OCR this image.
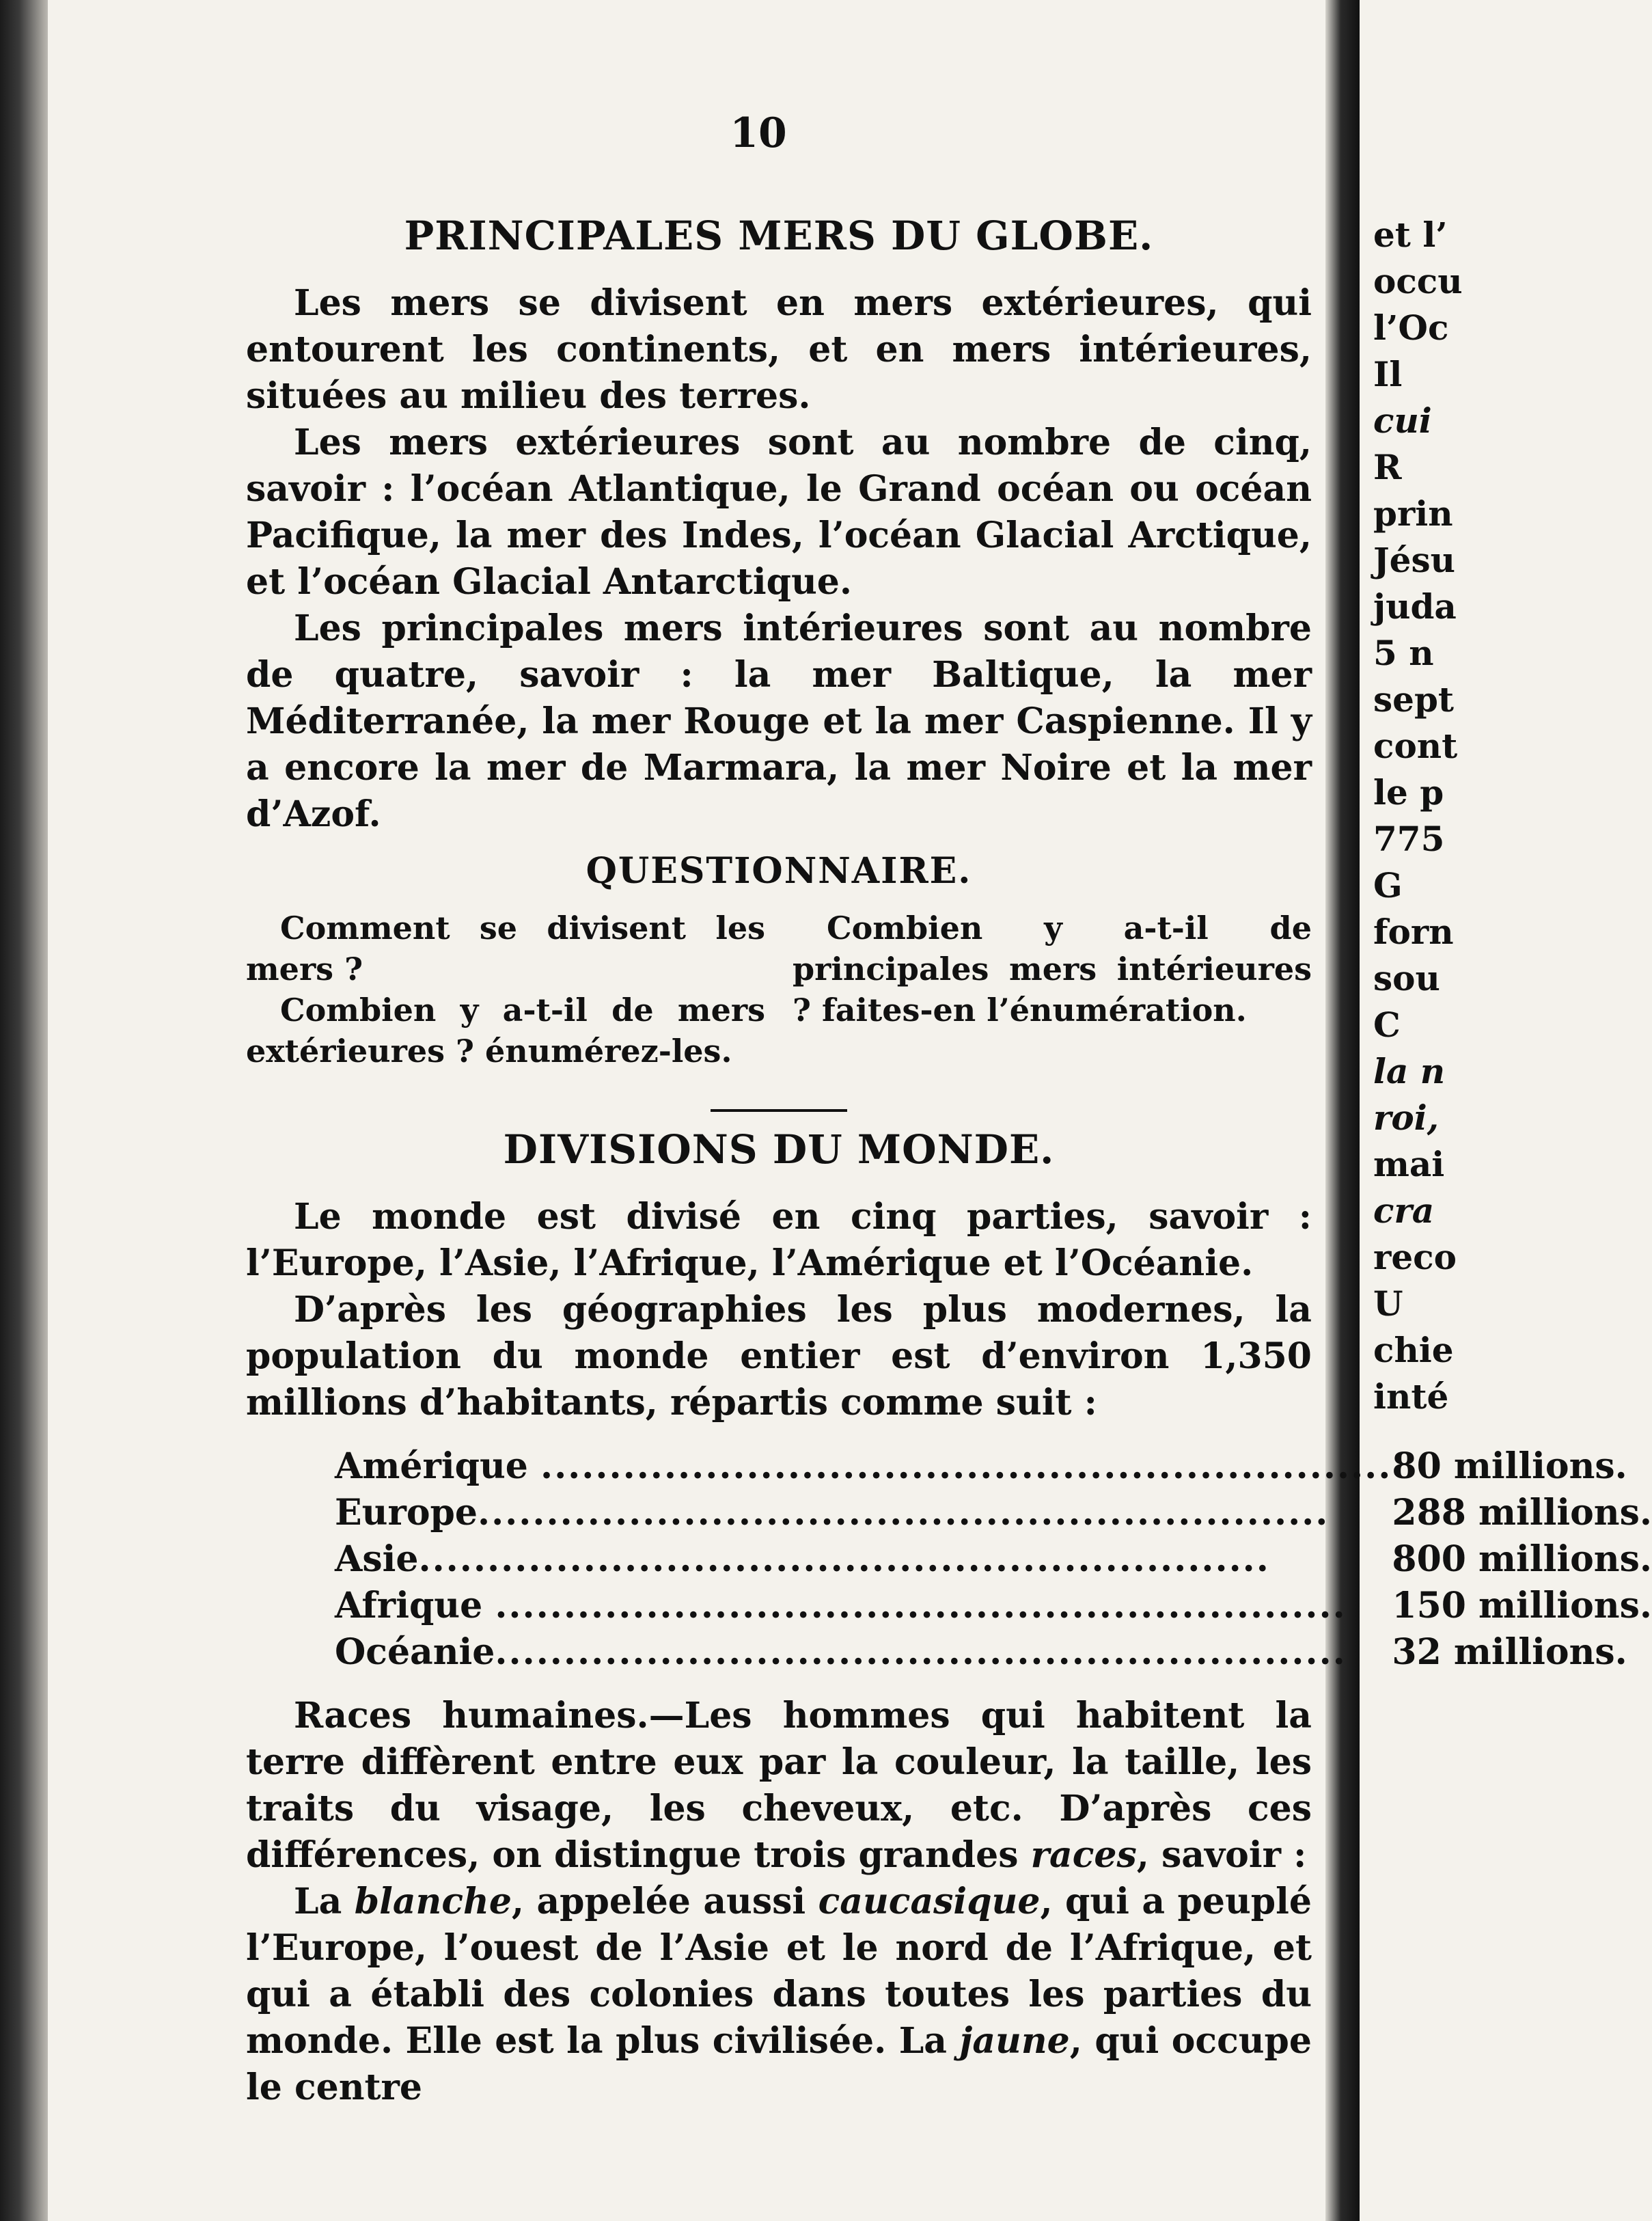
10
PRINCIPALES MERS DU GLOBE.

Les mers se divisent en mers extérieures, qui entourent les continents, et en mers intérieures, situées au milieu des terres.

Les mers extérieures sont au nombre de cinq, savoir : l’océan Atlantique, le Grand océan ou océan Pacifique, la mer des Indes, l’océan Glacial Arctique, et l’océan Glacial Antarctique.

Les principales mers intérieures sont au nombre de quatre, savoir : la mer Baltique, la mer Méditerranée, la mer Rouge et la mer Caspienne. Il y a encore la mer de Marmara, la mer Noire et la mer d’Azof.

QUESTIONNAIRE.

Comment se divisent les mers ?

Combien y a-t-il de mers extérieures ? énumérez-les.

Combien y a-t-il de principales mers intérieures ? faites-en l’énumération.

DIVISIONS DU MONDE.

Le monde est divisé en cinq parties, savoir : l’Europe, l’Asie, l’Afrique, l’Amérique et l’Océanie.

D’après les géographies les plus modernes, la population du monde entier est d’environ 1,350 millions d’habitants, répartis comme suit :

Amérique ..............................................................	80 millions.
Europe..............................................................	288 millions.
Asie..............................................................	800 millions.
Afrique ..............................................................	150 millions.
Océanie..............................................................	32 millions.

Races humaines.—Les hommes qui habitent la terre diffèrent entre eux par la couleur, la taille, les traits du visage, les cheveux, etc. D’après ces différences, on distingue trois grandes races, savoir :

La blanche, appelée aussi caucasique, qui a peuplé l’Europe, l’ouest de l’Asie et le nord de l’Afrique, et qui a établi des colonies dans toutes les parties du monde. Elle est la plus civilisée. La jaune, qui occupe le centre

et l’
occu
l’Oc
Il
cui
R
prin
Jésu
juda
5 n
sept
cont
le p
775
G
forn
sou
C
la n
roi,
mai
cra
reco
U
chie
inté
